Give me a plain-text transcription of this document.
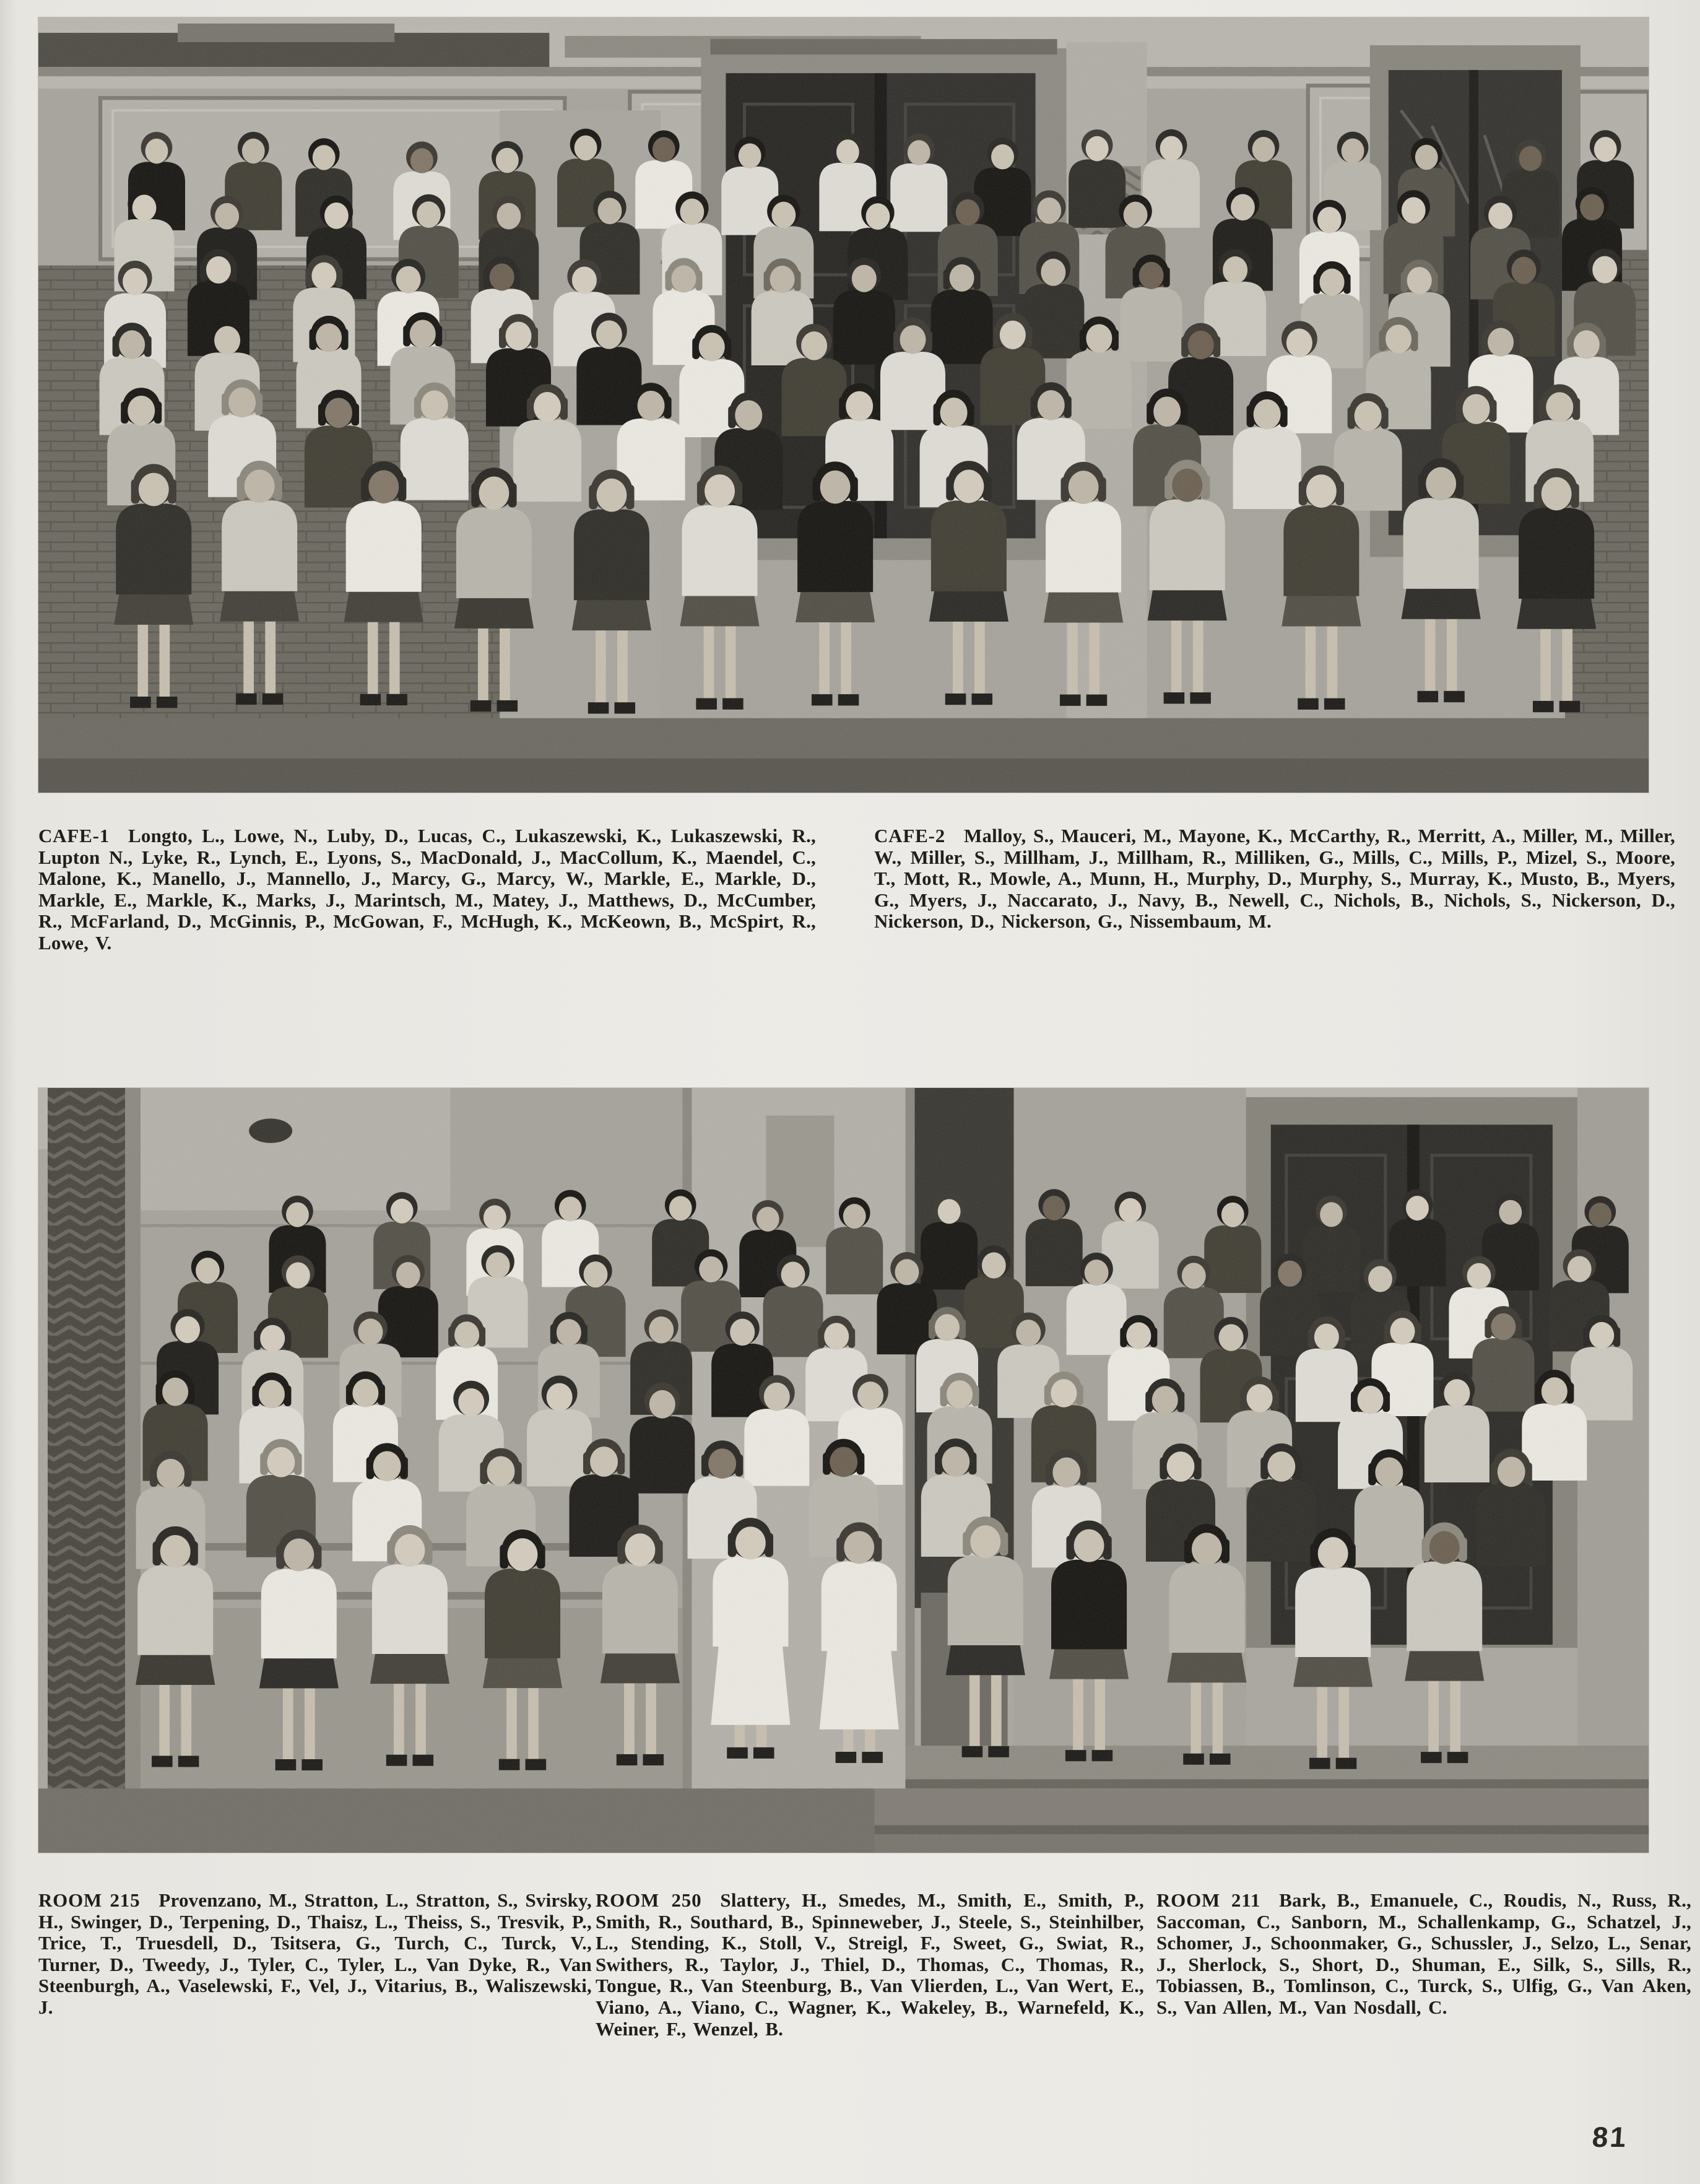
CAFE-1 Longto, L., Lowe, N., Luby, D., Lucas, C., Lukaszewski, K., Lukaszewski, R., Lupton N., Lyke, R., Lynch, E., Lyons, S., MacDonald, J., MacCollum, K., Maendel, C., Malone, K., Manello, J., Mannello, J., Marcy, G., Marcy, W., Markle, E., Markle, D., Markle, E., Markle, K., Marks, J., Marintsch, M., Matey, J., Matthews, D., McCumber, R., McFarland, D., McGinnis, P., McGowan, F., McHugh, K., McKeown, B., McSpirt, R., Lowe, V.

CAFE-2 Malloy, S., Mauceri, M., Mayone, K., McCarthy, R., Merritt, A., Miller, M., Miller, W., Miller, S., Millham, J., Millham, R., Milliken, G., Mills, C., Mills, P., Mizel, S., Moore, T., Mott, R., Mowle, A., Munn, H., Murphy, D., Murphy, S., Murray, K., Musto, B., Myers, G., Myers, J., Naccarato, J., Navy, B., Newell, C., Nichols, B., Nichols, S., Nickerson, D., Nickerson, D., Nickerson, G., Nissembaum, M.

ROOM 215 Provenzano, M., Stratton, L., Stratton, S., Svirsky, H., Swinger, D., Terpening, D., Thaisz, L., Theiss, S., Tresvik, P., Trice, T., Truesdell, D., Tsitsera, G., Turch, C., Turck, V., Turner, D., Tweedy, J., Tyler, C., Tyler, L., Van Dyke, R., Van Steenburgh, A., Vaselewski, F., Vel, J., Vitarius, B., Waliszewski, J.

ROOM 250 Slattery, H., Smedes, M., Smith, E., Smith, P., Smith, R., Southard, B., Spinneweber, J., Steele, S., Steinhilber, L., Stending, K., Stoll, V., Streigl, F., Sweet, G., Swiat, R., Swithers, R., Taylor, J., Thiel, D., Thomas, C., Thomas, R., Tongue, R., Van Steenburg, B., Van Vlierden, L., Van Wert, E., Viano, A., Viano, C., Wagner, K., Wakeley, B., Warnefeld, K., Weiner, F., Wenzel, B.

ROOM 211 Bark, B., Emanuele, C., Roudis, N., Russ, R., Saccoman, C., Sanborn, M., Schallenkamp, G., Schatzel, J., Schomer, J., Schoonmaker, G., Schussler, J., Selzo, L., Senar, J., Sherlock, S., Short, D., Shuman, E., Silk, S., Sills, R., Tobiassen, B., Tomlinson, C., Turck, S., Ulfig, G., Van Aken, S., Van Allen, M., Van Nosdall, C.

81
